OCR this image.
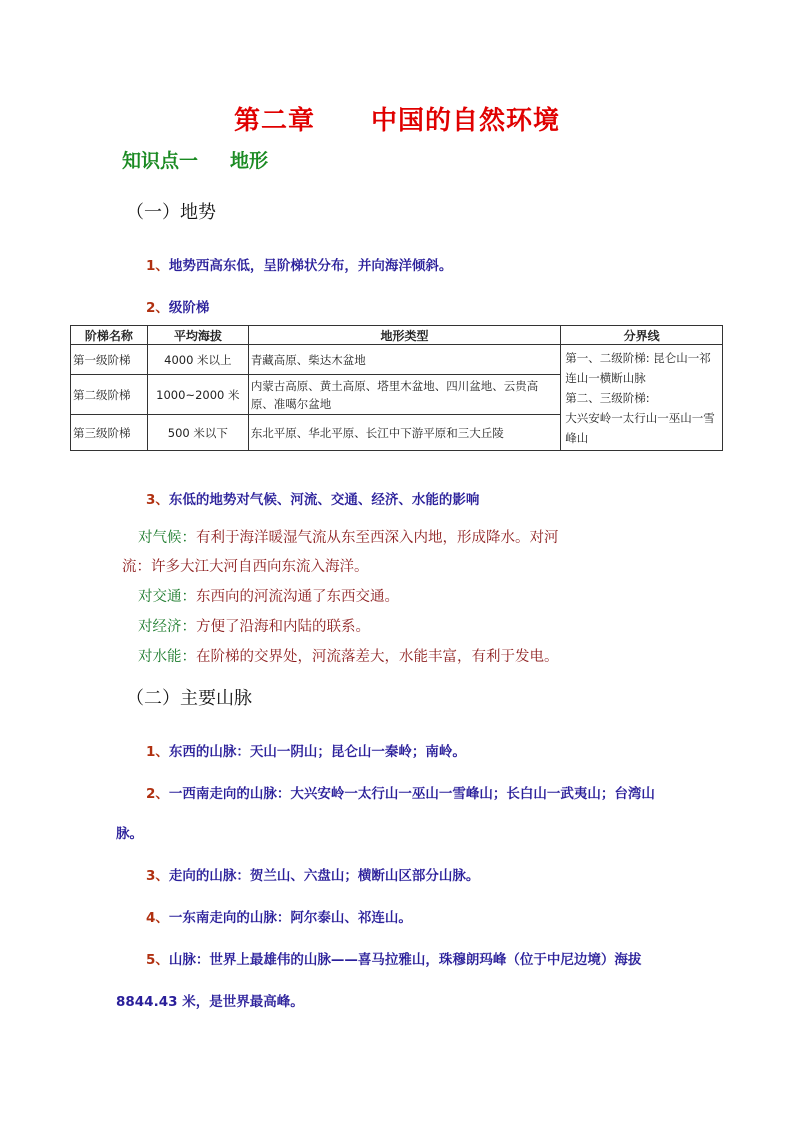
第二章 中国的自然环境
知识点一 地形
（一）地势
1、地势西高东低，呈阶梯状分布，并向海洋倾斜。
2、级阶梯
阶梯名称	平均海拔	地形类型	分界线
第一级阶梯	4000 米以上	青藏高原、柴达木盆地	第一、二级阶梯: 昆仑山一祁连山一横断山脉
第二、三级阶梯:
大兴安岭一太行山一巫山一雪峰山
第二级阶梯	1000~2000 米	内蒙古高原、黄土高原、塔里木盆地、四川盆地、云贵高原、准噶尔盆地	
第三级阶梯	500 米以下	东北平原、华北平原、长江中下游平原和三大丘陵	
3、东低的地势对气候、河流、交通、经济、水能的影响
对气候：有利于海洋暖湿气流从东至西深入内地，形成降水。对河
流：许多大江大河自西向东流入海洋。
对交通：东西向的河流沟通了东西交通。
对经济：方便了沿海和内陆的联系。
对水能：在阶梯的交界处，河流落差大，水能丰富，有利于发电。
（二）主要山脉
1、东西的山脉：天山一阴山；昆仑山一秦岭；南岭。
2、一西南走向的山脉：大兴安岭一太行山一巫山一雪峰山；长白山一武夷山；台湾山
脉。
3、走向的山脉：贺兰山、六盘山；横断山区部分山脉。
4、一东南走向的山脉：阿尔泰山、祁连山。
5、山脉：世界上最雄伟的山脉——喜马拉雅山，珠穆朗玛峰（位于中尼边境）海拔
8844.43 米，是世界最高峰。
